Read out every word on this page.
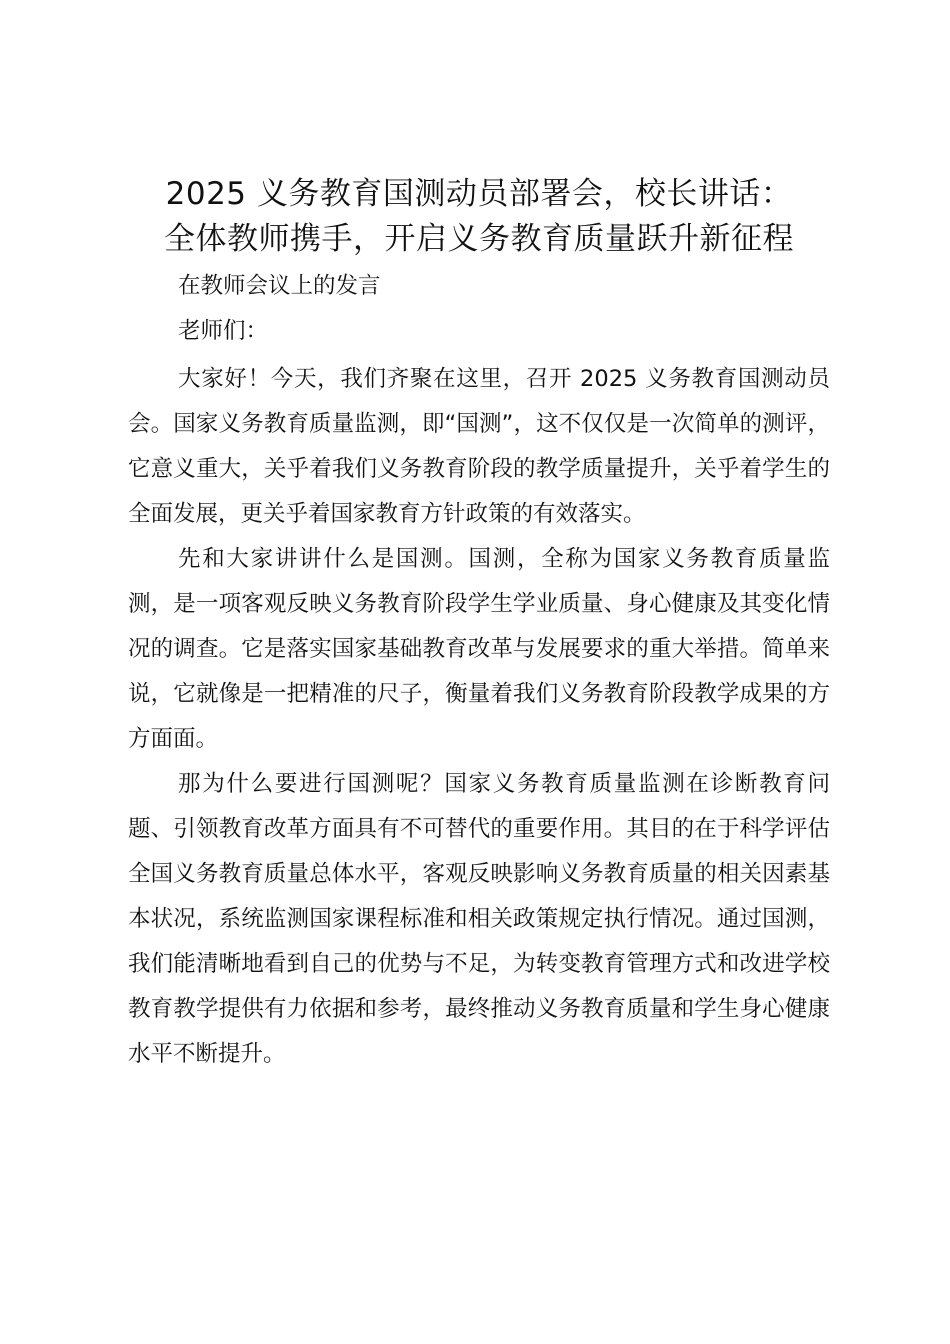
2025 义务教育国测动员部署会，校长讲话：
全体教师携手，开启义务教育质量跃升新征程

在教师会议上的发言

老师们：

大家好！今天，我们齐聚在这里，召开 2025 义务教育国测动员会。国家义务教育质量监测，即“国测”，这不仅仅是一次简单的测评，它意义重大，关乎着我们义务教育阶段的教学质量提升，关乎着学生的全面发展，更关乎着国家教育方针政策的有效落实。

先和大家讲讲什么是国测。国测，全称为国家义务教育质量监测，是一项客观反映义务教育阶段学生学业质量、身心健康及其变化情况的调查。它是落实国家基础教育改革与发展要求的重大举措。简单来说，它就像是一把精准的尺子，衡量着我们义务教育阶段教学成果的方方面面。

那为什么要进行国测呢？国家义务教育质量监测在诊断教育问题、引领教育改革方面具有不可替代的重要作用。其目的在于科学评估全国义务教育质量总体水平，客观反映影响义务教育质量的相关因素基本状况，系统监测国家课程标准和相关政策规定执行情况。通过国测，我们能清晰地看到自己的优势与不足，为转变教育管理方式和改进学校教育教学提供有力依据和参考，最终推动义务教育质量和学生身心健康水平不断提升。
